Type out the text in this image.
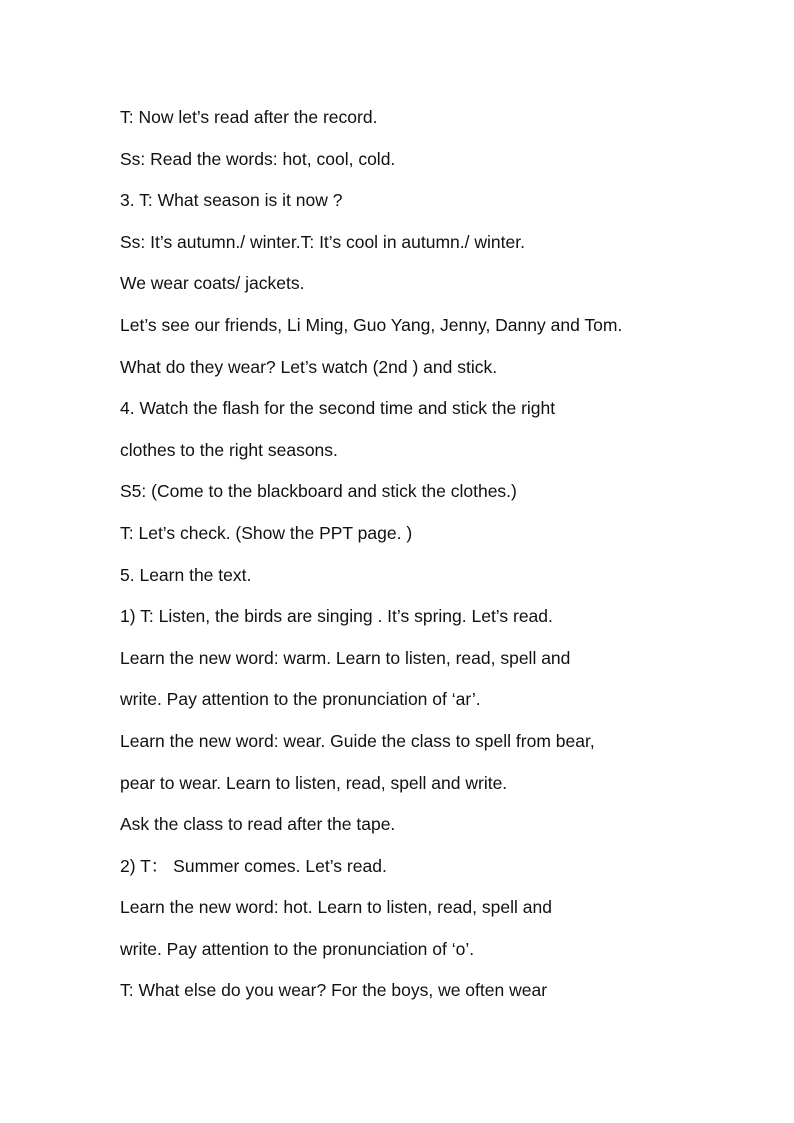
T: Now let’s read after the record.
Ss: Read the words: hot, cool, cold.
3. T: What season is it now ?
Ss: It’s autumn./ winter.T: It’s cool in autumn./ winter.
We wear coats/ jackets.
Let’s see our friends, Li Ming, Guo Yang, Jenny, Danny and Tom.
What do they wear? Let’s watch (2nd ) and stick.
4. Watch the flash for the second time and stick the right
clothes to the right seasons.
S5: (Come to the blackboard and stick the clothes.)
T: Let’s check. (Show the PPT page. )
5. Learn the text.
1) T: Listen, the birds are singing . It’s spring. Let’s read.
Learn the new word: warm. Learn to listen, read, spell and
write. Pay attention to the pronunciation of ‘ar’.
Learn the new word: wear. Guide the class to spell from bear,
pear to wear. Learn to listen, read, spell and write.
Ask the class to read after the tape.
2) T： Summer comes. Let’s read.
Learn the new word: hot. Learn to listen, read, spell and
write. Pay attention to the pronunciation of ‘o’.
T: What else do you wear? For the boys, we often wear
